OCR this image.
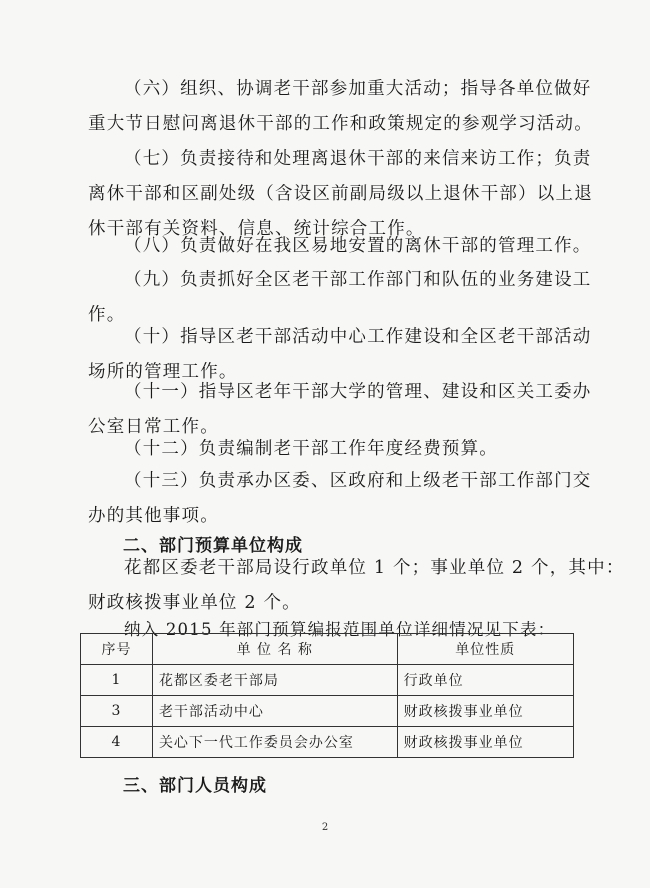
（六）组织、协调老干部参加重大活动；指导各单位做好
重大节日慰问离退休干部的工作和政策规定的参观学习活动。

（七）负责接待和处理离退休干部的来信来访工作；负责
离休干部和区副处级（含设区前副局级以上退休干部）以上退
休干部有关资料、信息、统计综合工作。

（八）负责做好在我区易地安置的离休干部的管理工作。

（九）负责抓好全区老干部工作部门和队伍的业务建设工
作。

（十）指导区老干部活动中心工作建设和全区老干部活动
场所的管理工作。

（十一）指导区老年干部大学的管理、建设和区关工委办
公室日常工作。

（十二）负责编制老干部工作年度经费预算。

（十三）负责承办区委、区政府和上级老干部工作部门交
办的其他事项。

二、部门预算单位构成

花都区委老干部局设行政单位 1 个；事业单位 2 个，其中：
财政核拨事业单位 2 个。

纳入 2015 年部门预算编报范围单位详细情况见下表：

序号	单 位 名 称	单位性质
1	花都区委老干部局	行政单位
3	老干部活动中心	财政核拨事业单位
4	关心下一代工作委员会办公室	财政核拨事业单位

三、部门人员构成

2
